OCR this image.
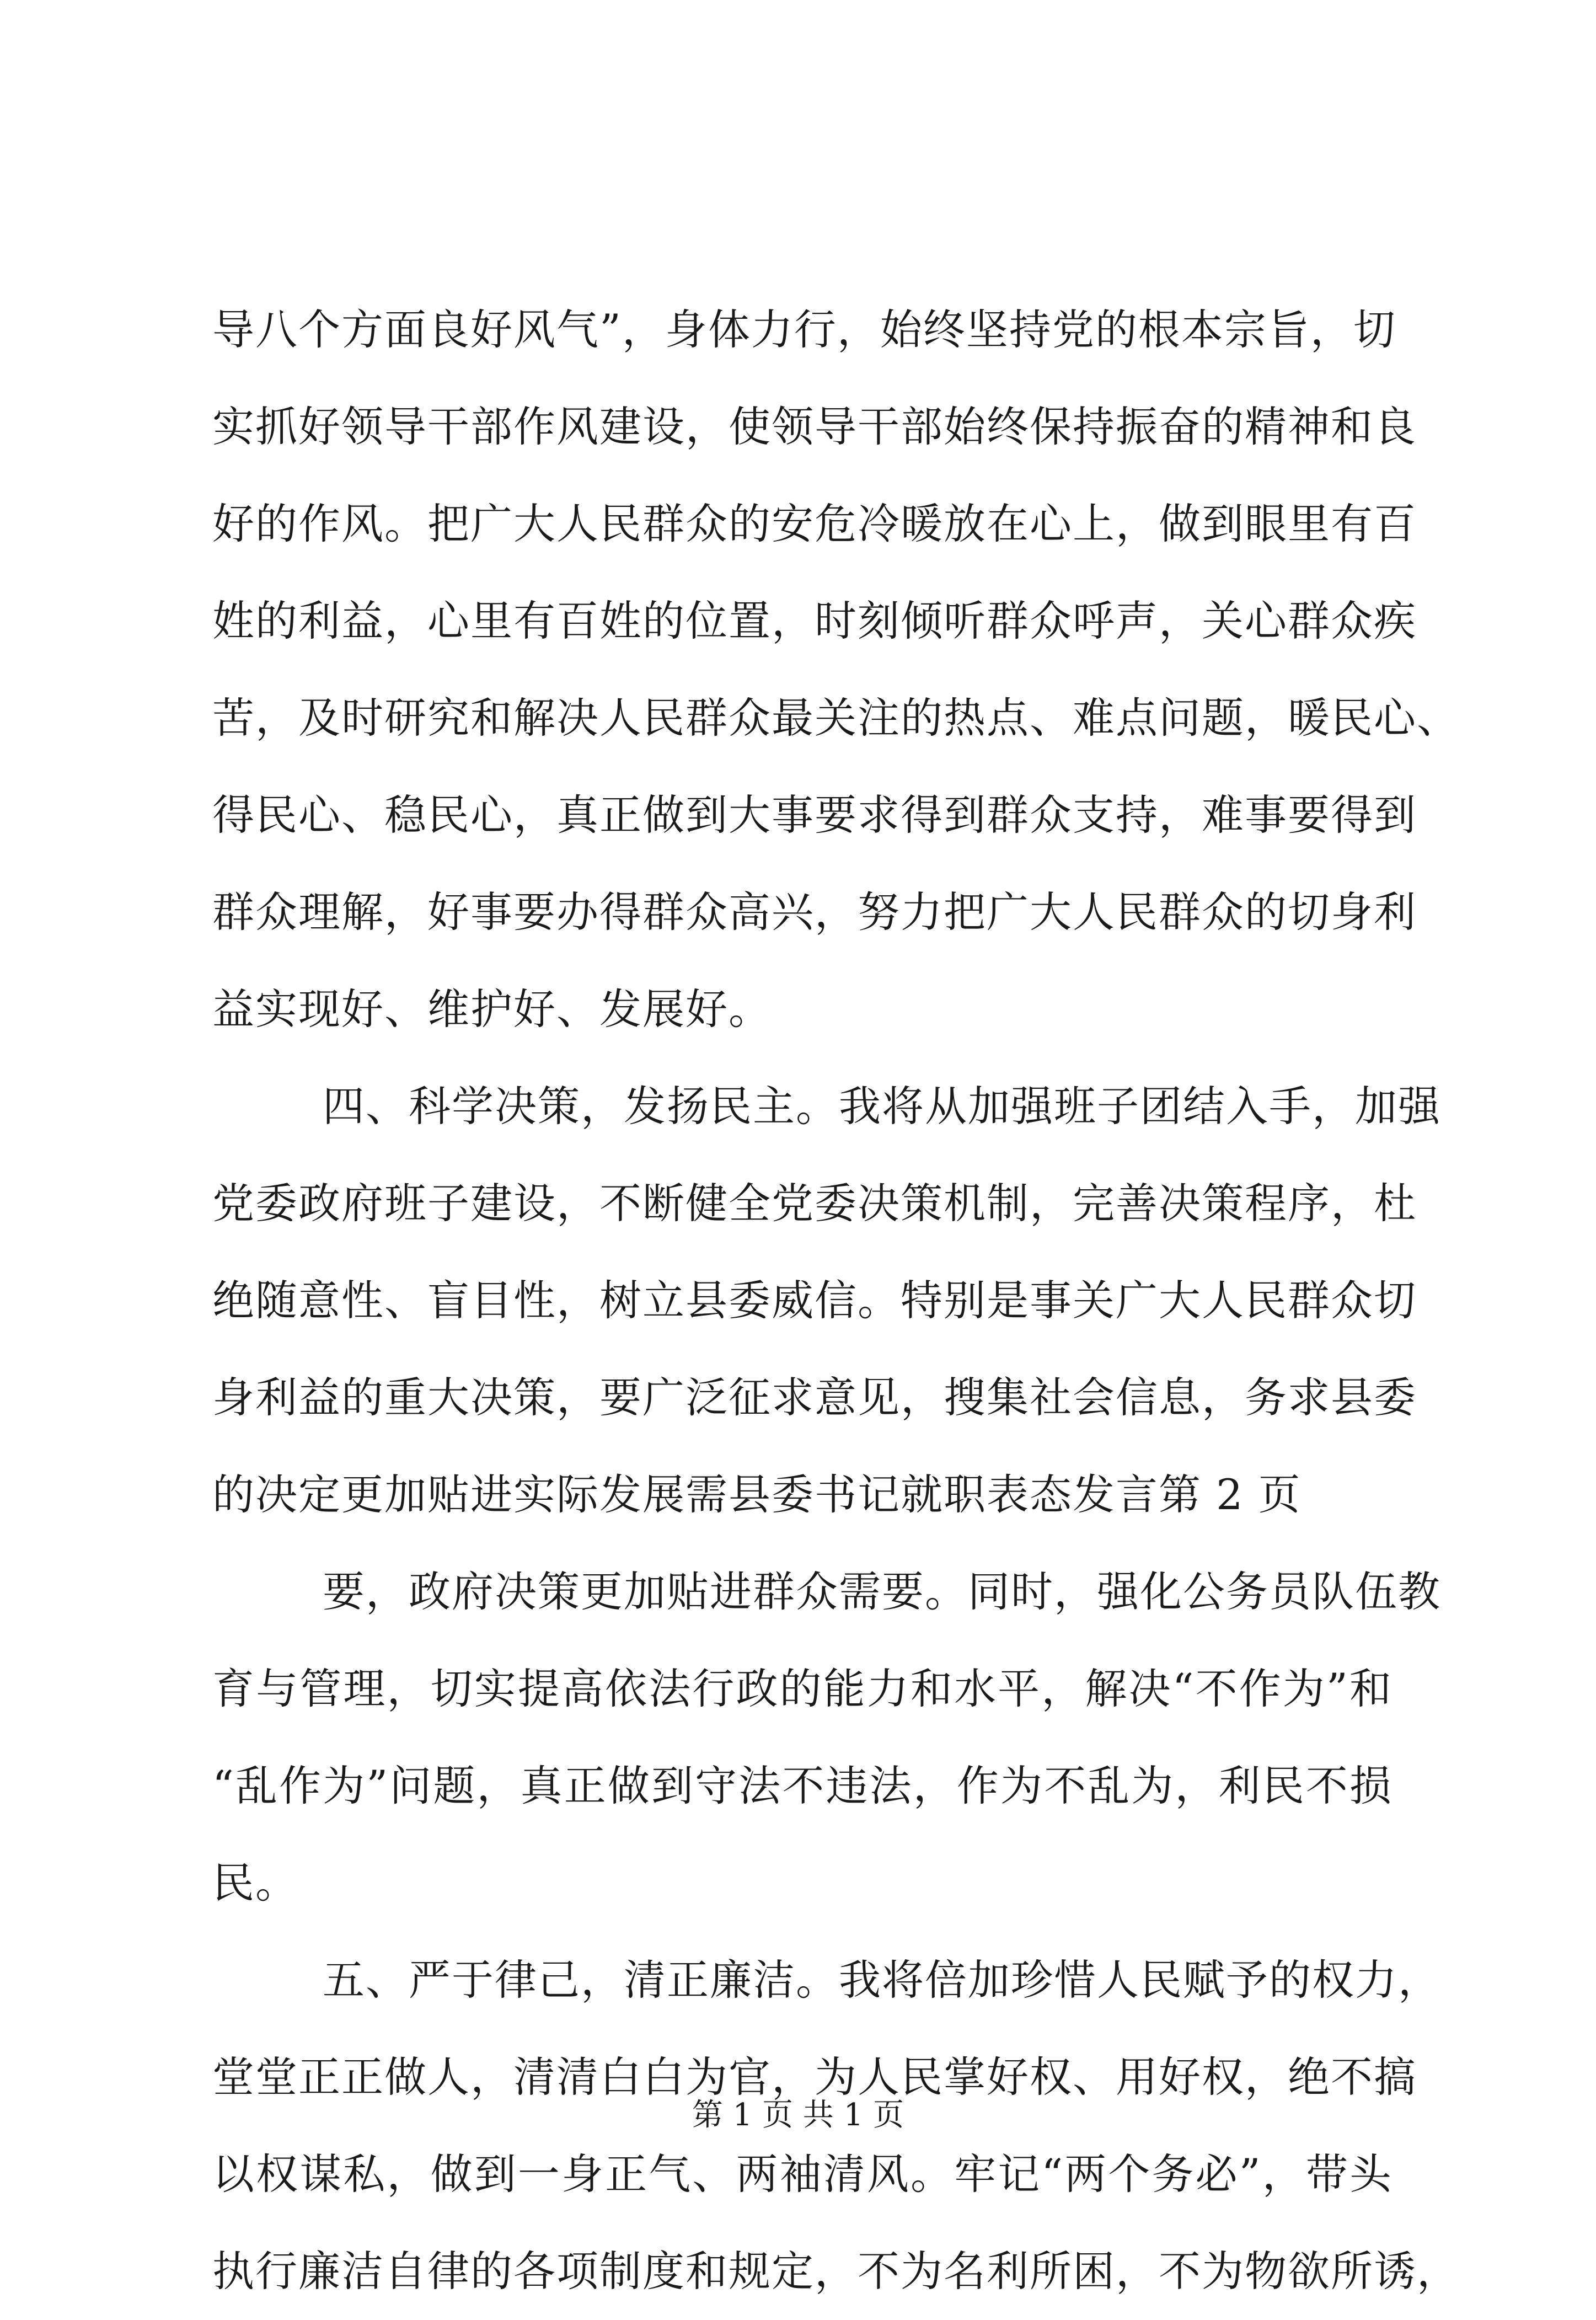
导八个方面良好风气”，身体力行，始终坚持党的根本宗旨，切
实抓好领导干部作风建设，使领导干部始终保持振奋的精神和良
好的作风。把广大人民群众的安危冷暖放在心上，做到眼里有百
姓的利益，心里有百姓的位置，时刻倾听群众呼声，关心群众疾
苦，及时研究和解决人民群众最关注的热点、难点问题，暖民心、
得民心、稳民心，真正做到大事要求得到群众支持，难事要得到
群众理解，好事要办得群众高兴，努力把广大人民群众的切身利
益实现好、维护好、发展好。
四、科学决策，发扬民主。我将从加强班子团结入手，加强
党委政府班子建设，不断健全党委决策机制，完善决策程序，杜
绝随意性、盲目性，树立县委威信。特别是事关广大人民群众切
身利益的重大决策，要广泛征求意见，搜集社会信息，务求县委
的决定更加贴进实际发展需县委书记就职表态发言第 2 页
要，政府决策更加贴进群众需要。同时，强化公务员队伍教
育与管理，切实提高依法行政的能力和水平，解决“不作为”和
“乱作为”问题，真正做到守法不违法，作为不乱为，利民不损
民。
五、严于律己，清正廉洁。我将倍加珍惜人民赋予的权力，
堂堂正正做人，清清白白为官，为人民掌好权、用好权，绝不搞
以权谋私，做到一身正气、两袖清风。牢记“两个务必”，带头
执行廉洁自律的各项制度和规定，不为名利所困，不为物欲所诱，
第 1 页 共 1 页
